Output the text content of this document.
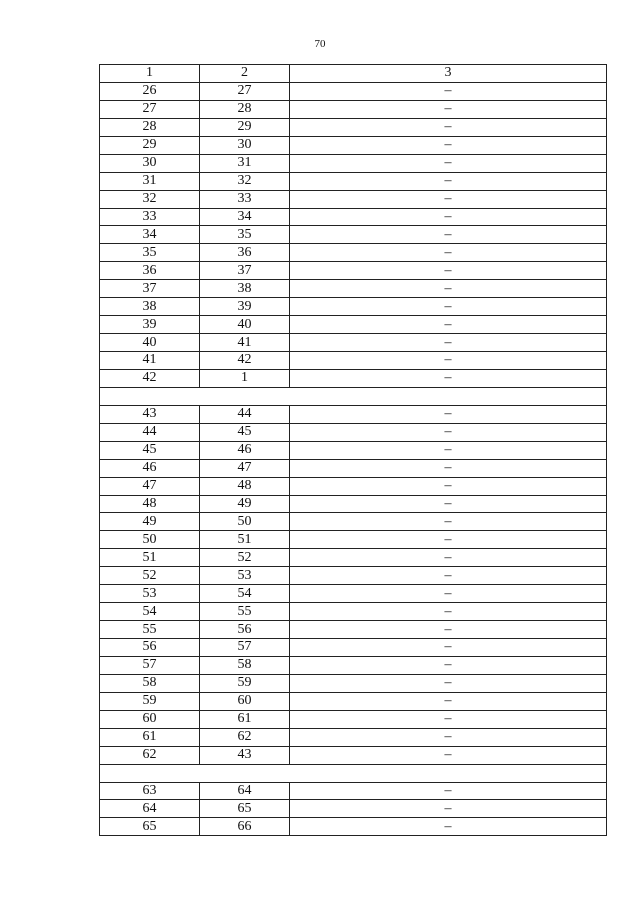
70
1	2	3
26	27	–
27	28	–
28	29	–
29	30	–
30	31	–
31	32	–
32	33	–
33	34	–
34	35	–
35	36	–
36	37	–
37	38	–
38	39	–
39	40	–
40	41	–
41	42	–
42	1	–

43	44	–
44	45	–
45	46	–
46	47	–
47	48	–
48	49	–
49	50	–
50	51	–
51	52	–
52	53	–
53	54	–
54	55	–
55	56	–
56	57	–
57	58	–
58	59	–
59	60	–
60	61	–
61	62	–
62	43	–

63	64	–
64	65	–
65	66	–
